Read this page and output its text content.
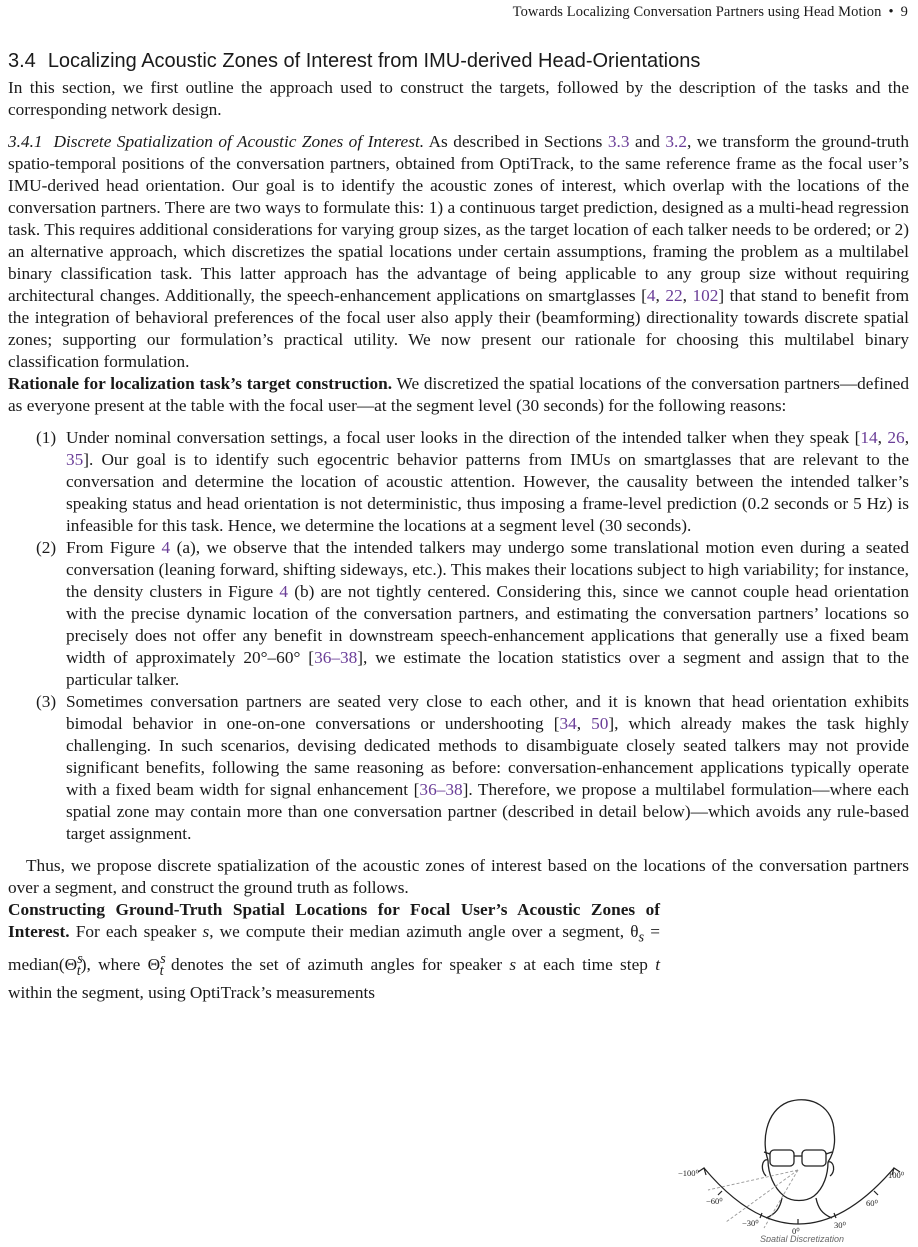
Towards Localizing Conversation Partners using Head Motion • 9
3.4 Localizing Acoustic Zones of Interest from IMU-derived Head-Orientations

In this section, we first outline the approach used to construct the targets, followed by the description of the tasks and the corresponding network design.

3.4.1 Discrete Spatialization of Acoustic Zones of Interest. As described in Sections 3.3 and 3.2, we transform the ground-truth spatio-temporal positions of the conversation partners, obtained from OptiTrack, to the same reference frame as the focal user’s IMU-derived head orientation. Our goal is to identify the acoustic zones of interest, which overlap with the locations of the conversation partners. There are two ways to formulate this: 1) a continuous target prediction, designed as a multi-head regression task. This requires additional considerations for varying group sizes, as the target location of each talker needs to be ordered; or 2) an alternative approach, which discretizes the spatial locations under certain assumptions, framing the problem as a multilabel binary classification task. This latter approach has the advantage of being applicable to any group size without requiring architectural changes. Additionally, the speech-enhancement applications on smartglasses [4, 22, 102] that stand to benefit from the integration of behavioral preferences of the focal user also apply their (beamforming) directionality towards discrete spatial zones; supporting our formulation’s practical utility. We now present our rationale for choosing this multilabel binary classification formulation.

Rationale for localization task’s target construction. We discretized the spatial locations of the conversation partners—defined as everyone present at the table with the focal user—at the segment level (30 seconds) for the following reasons:

(1) Under nominal conversation settings, a focal user looks in the direction of the intended talker when they speak [14, 26, 35]. Our goal is to identify such egocentric behavior patterns from IMUs on smartglasses that are relevant to the conversation and determine the location of acoustic attention. However, the causality between the intended talker’s speaking status and head orientation is not deterministic, thus imposing a frame-level prediction (0.2 seconds or 5 Hz) is infeasible for this task. Hence, we determine the locations at a segment level (30 seconds).
(2) From Figure 4 (a), we observe that the intended talkers may undergo some translational motion even during a seated conversation (leaning forward, shifting sideways, etc.). This makes their locations subject to high variability; for instance, the density clusters in Figure 4 (b) are not tightly centered. Considering this, since we cannot couple head orientation with the precise dynamic location of the conversation partners, and estimating the conversation partners’ locations so precisely does not offer any benefit in downstream speech-enhancement applications that generally use a fixed beam width of approximately 20°–60° [36–38], we estimate the location statistics over a segment and assign that to the particular talker.
(3) Sometimes conversation partners are seated very close to each other, and it is known that head orientation exhibits bimodal behavior in one-on-one conversations or undershooting [34, 50], which already makes the task highly challenging. In such scenarios, devising dedicated methods to disambiguate closely seated talkers may not provide significant benefits, following the same reasoning as before: conversation-enhancement applications typically operate with a fixed beam width for signal enhancement [36–38]. Therefore, we propose a multilabel formulation—where each spatial zone may contain more than one conversation partner (described in detail below)—which avoids any rule-based target assignment.

Thus, we propose discrete spatialization of the acoustic zones of interest based on the locations of the conversation partners over a segment, and construct the ground truth as follows.

Constructing Ground-Truth Spatial Locations for Focal User’s Acoustic Zones of Interest. For each speaker s, we compute their median azimuth angle over a segment, $\theta_s$ = $median(\Theta^s_t)$, where $\Theta^s_t$ denotes the set of azimuth angles for speaker s at each time step t within the segment, using OptiTrack’s measurements

−100⁰
−60⁰
−30⁰
0⁰
30⁰
60⁰
100⁰
Spatial Discretization
